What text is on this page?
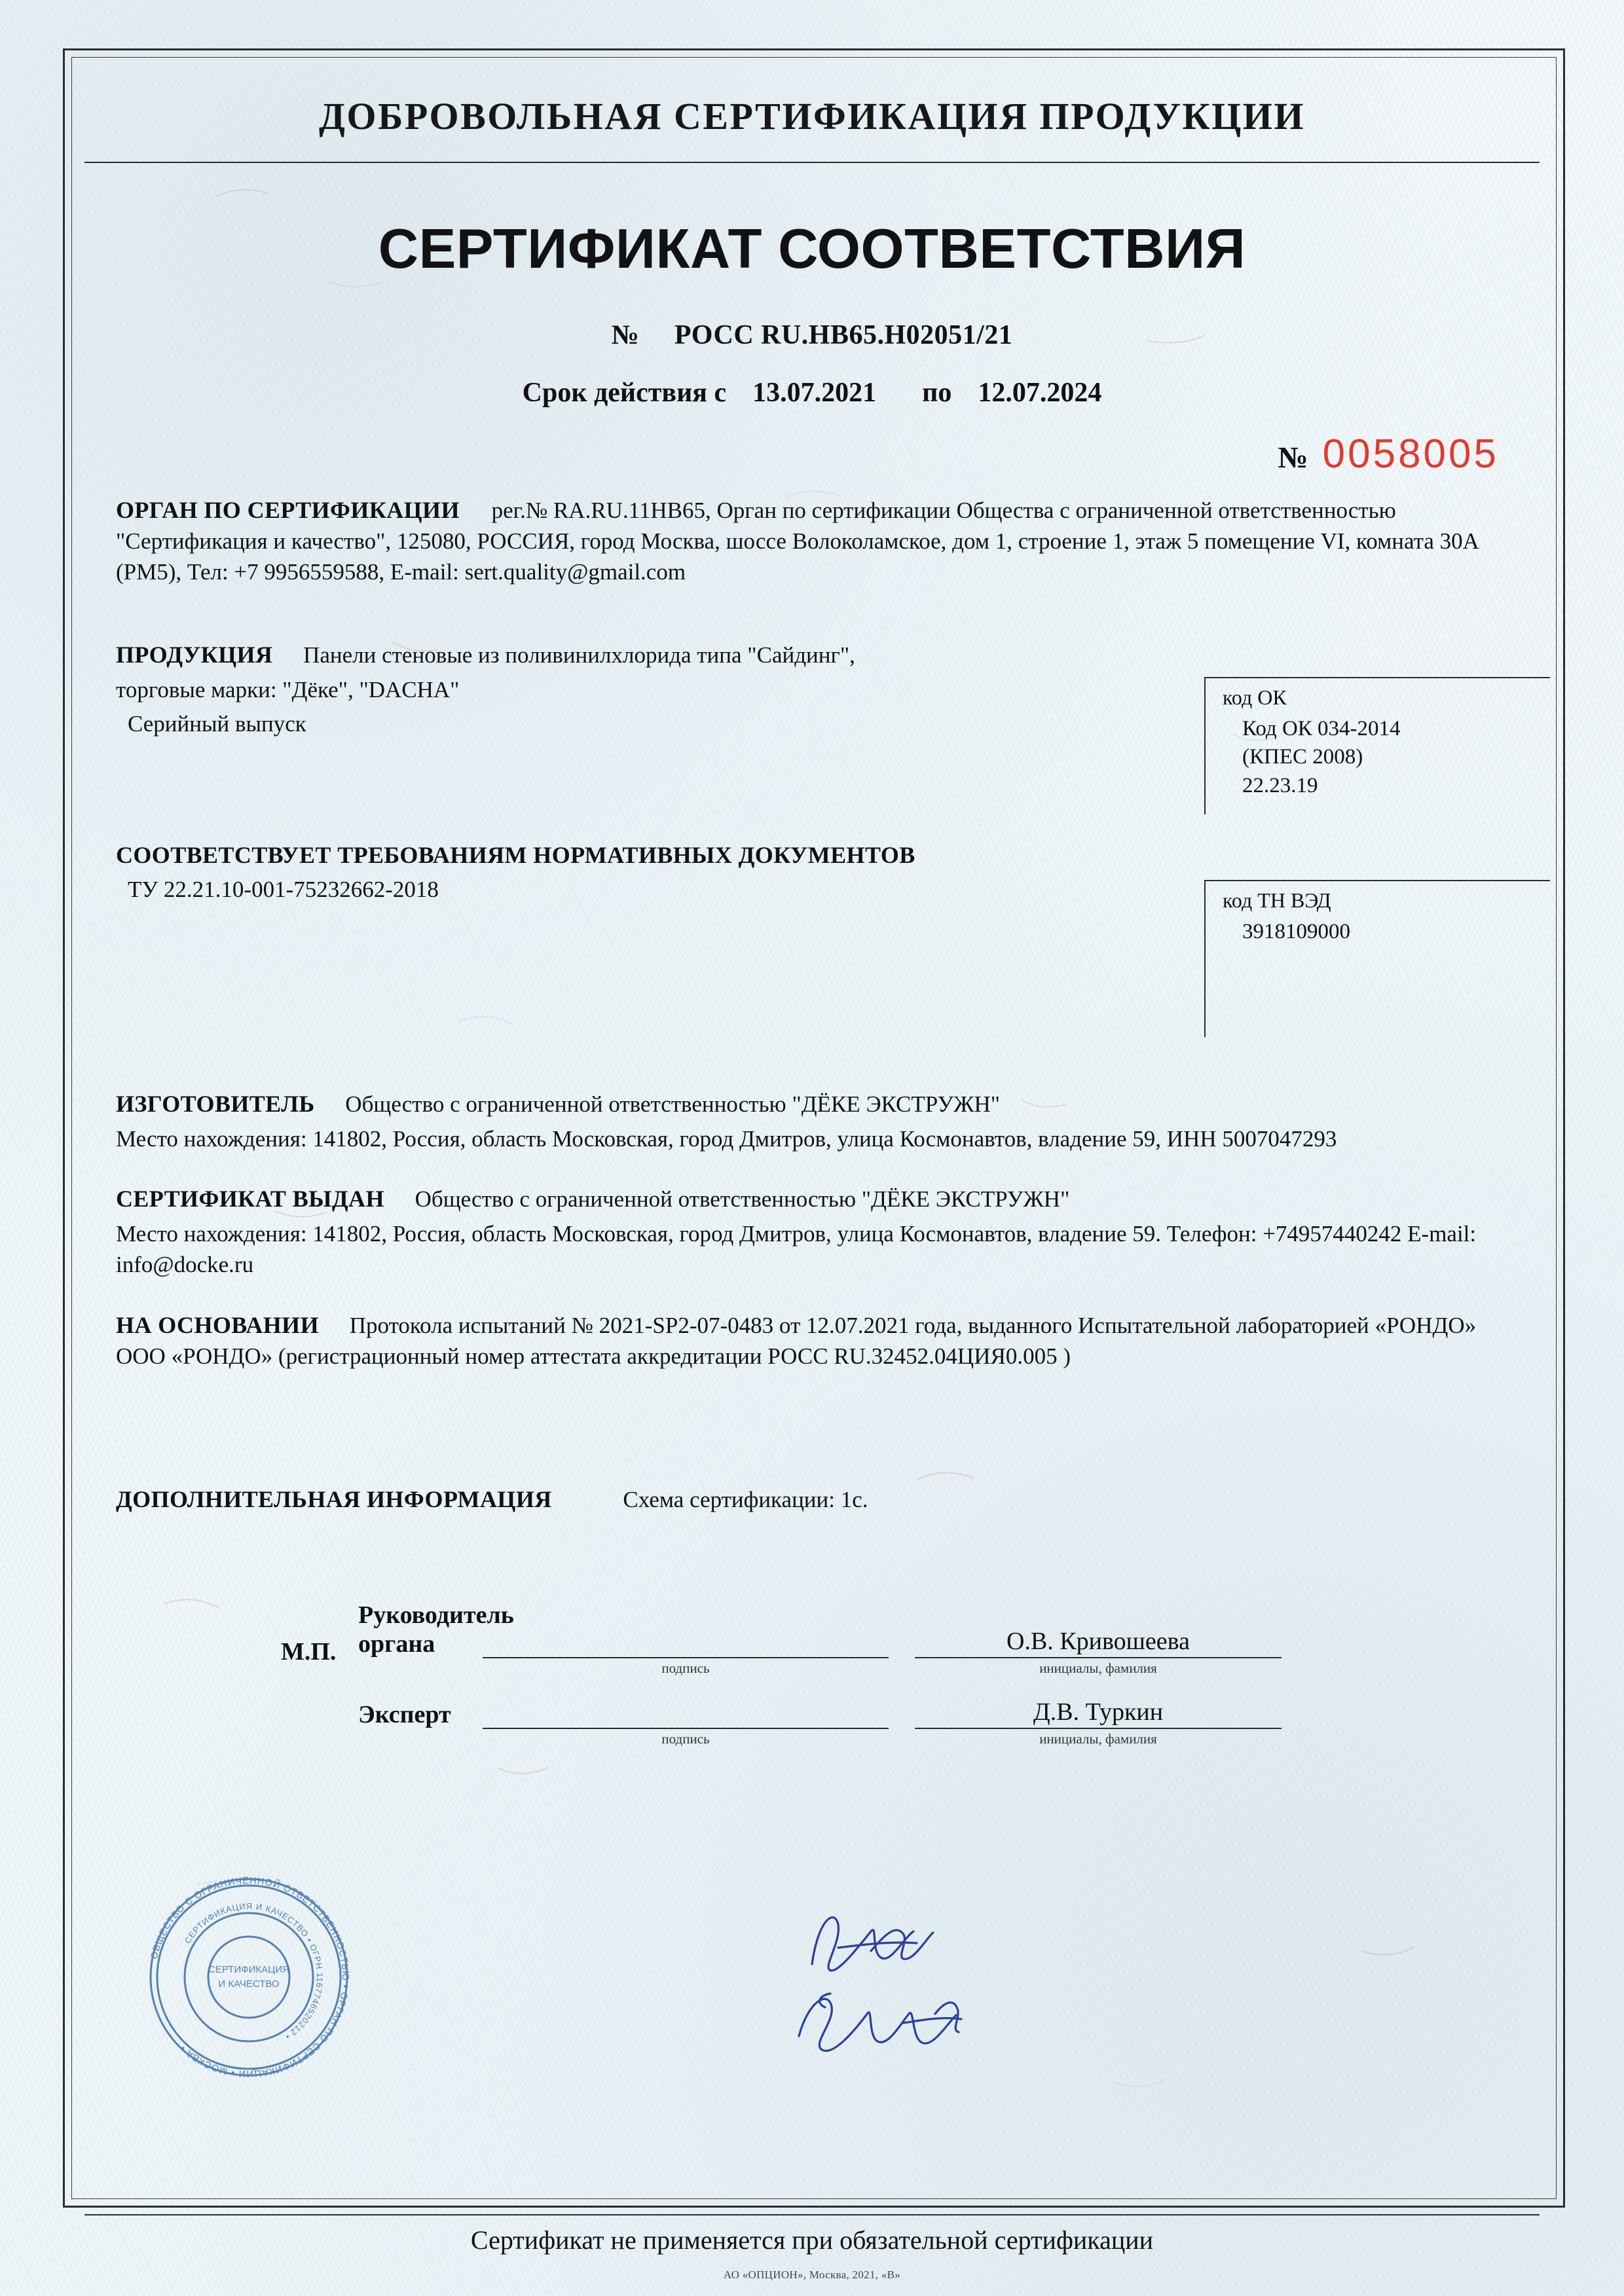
ДОБРОВОЛЬНАЯ СЕРТИФИКАЦИЯ ПРОДУКЦИИ
СЕРТИФИКАТ СООТВЕТСТВИЯ
№ РОСС RU.НВ65.Н02051/21
Срок действия с 13.07.2021 по 12.07.2024
№ 0058005

ОРГАН ПО СЕРТИФИКАЦИИ рег.№ RA.RU.11НВ65, Орган по сертификации Общества с ограниченной ответственностью "Сертификация и качество", 125080, РОССИЯ, город Москва, шоссе Волоколамское, дом 1, строение 1, этаж 5 помещение VI, комната 30А (РМ5), Тел: +7 9956559588, E-mail: sert.quality@gmail.com

ПРОДУКЦИЯ Панели стеновые из поливинилхлорида типа "Сайдинг",

торговые марки: "Дёке", "DACHA"

Серийный выпуск

код ОК
Код ОК 034-2014
(КПЕС 2008)
22.23.19

СООТВЕТСТВУЕТ ТРЕБОВАНИЯМ НОРМАТИВНЫХ ДОКУМЕНТОВ

ТУ 22.21.10-001-75232662-2018	код ТН ВЭД
3918109000

ИЗГОТОВИТЕЛЬ Общество с ограниченной ответственностью "ДЁКЕ ЭКСТРУЖН"

Место нахождения: 141802, Россия, область Московская, город Дмитров, улица Космонавтов, владение 59, ИНН 5007047293

СЕРТИФИКАТ ВЫДАН Общество с ограниченной ответственностью "ДЁКЕ ЭКСТРУЖН"

Место нахождения: 141802, Россия, область Московская, город Дмитров, улица Космонавтов, владение 59. Телефон: +74957440242 E-mail: info@docke.ru

НА ОСНОВАНИИ Протокола испытаний № 2021-SP2-07-0483 от 12.07.2021 года, выданного Испытательной лабораторией «РОНДО» ООО «РОНДО» (регистрационный номер аттестата аккредитации РОСС RU.32452.04ЦИЯ0.005 )

ДОПОЛНИТЕЛЬНАЯ ИНФОРМАЦИЯ	Схема сертификации: 1с.

М.П.
Руководитель органа
подпись
О.В. Кривошеева
инициалы, фамилия
Эксперт
подпись
Д.В. Туркин
инициалы, фамилия
Сертификат не применяется при обязательной сертификации
АО «ОПЦИОН», Москва, 2021, «В»
ОБЩЕСТВО С ОГРАНИЧЕННОЙ ОТВЕТСТВЕННОСТЬЮ • ОРГАН ПО СЕРТИФИКАЦИИ • МОСКВА •
СЕРТИФИКАЦИЯ И КАЧЕСТВО • ОГРН 1167746520212 •
СЕРТИФИКАЦИЯ
И КАЧЕСТВО
